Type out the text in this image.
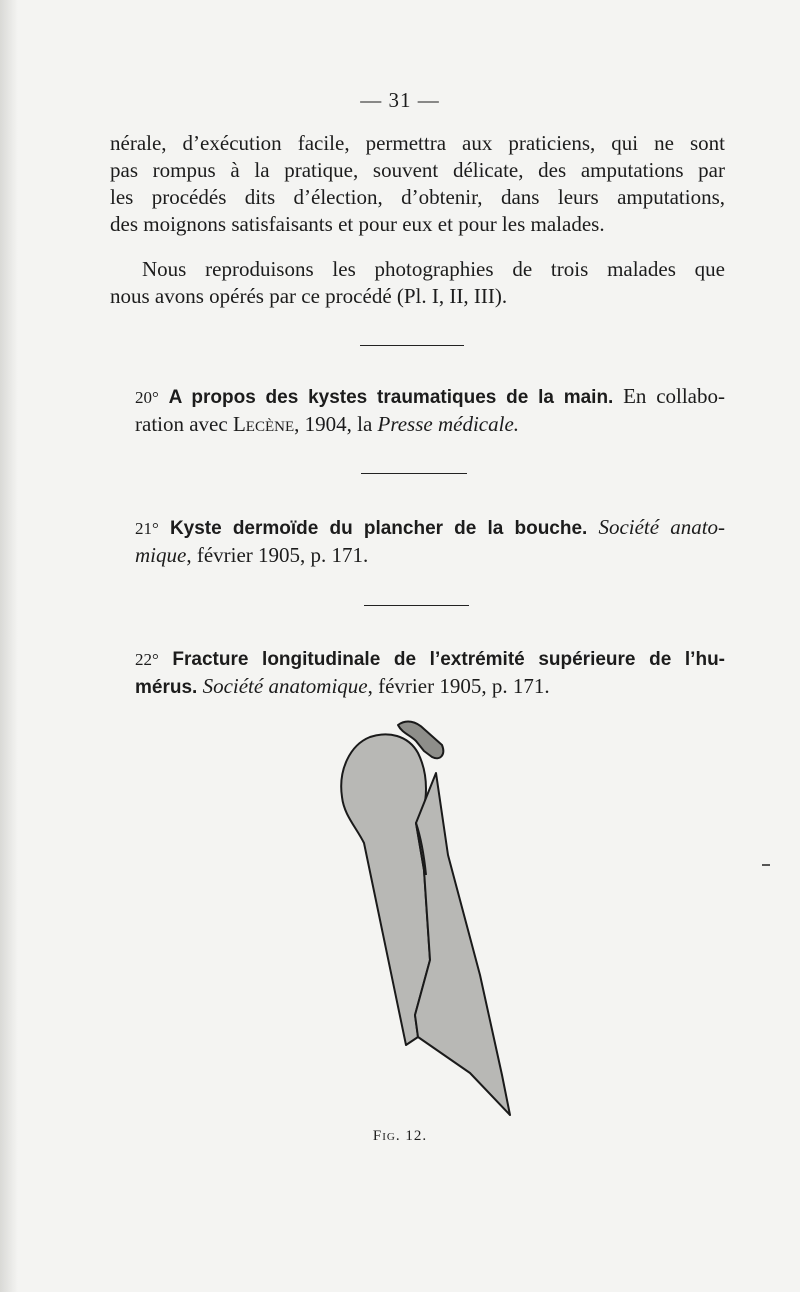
— 31 —

nérale, d’exécution facile, permettra aux praticiens, qui ne sont
pas rompus à la pratique, souvent délicate, des amputations par
les procédés dits d’élection, d’obtenir, dans leurs amputations,
des moignons satisfaisants et pour eux et pour les malades.

Nous reproduisons les photographies de trois malades que
nous avons opérés par ce procédé (Pl. I, II, III).

20° A propos des kystes traumatiques de la main. En collabo-
ration avec Lecène, 1904, la Presse médicale.

21° Kyste dermoïde du plancher de la bouche. Société anato-
mique, février 1905, p. 171.

22° Fracture longitudinale de l’extrémité supérieure de l’hu-
mérus. Société anatomique, février 1905, p. 171.

Fig. 12.
